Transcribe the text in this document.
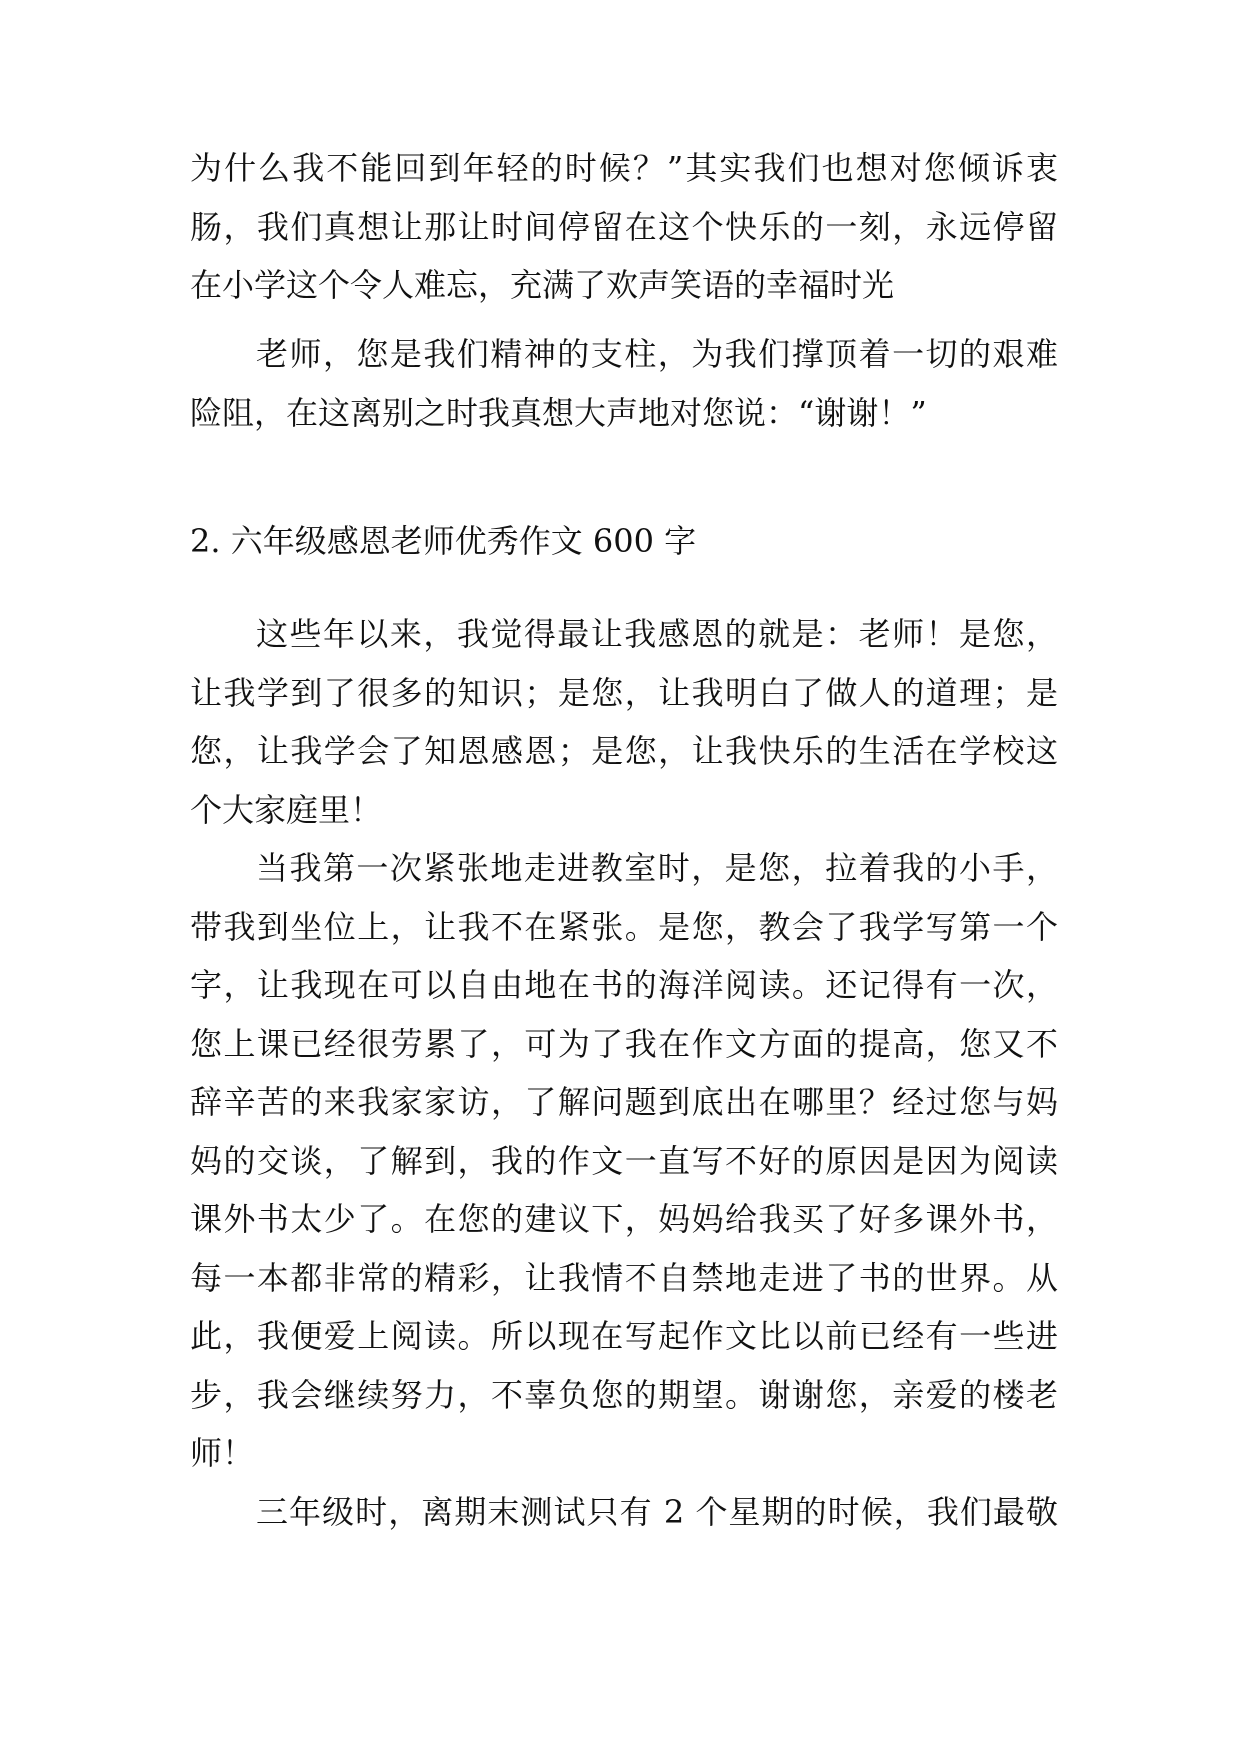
为什么我不能回到年轻的时候？”其实我们也想对您倾诉衷
肠，我们真想让那让时间停留在这个快乐的一刻，永远停留
在小学这个令人难忘，充满了欢声笑语的幸福时光
老师，您是我们精神的支柱，为我们撑顶着一切的艰难
险阻，在这离别之时我真想大声地对您说：“谢谢！”
2. 六年级感恩老师优秀作文 600 字
这些年以来，我觉得最让我感恩的就是：老师！是您，
让我学到了很多的知识；是您，让我明白了做人的道理；是
您，让我学会了知恩感恩；是您，让我快乐的生活在学校这
个大家庭里！
当我第一次紧张地走进教室时，是您，拉着我的小手，
带我到坐位上，让我不在紧张。是您，教会了我学写第一个
字，让我现在可以自由地在书的海洋阅读。还记得有一次，
您上课已经很劳累了，可为了我在作文方面的提高，您又不
辞辛苦的来我家家访，了解问题到底出在哪里？经过您与妈
妈的交谈，了解到，我的作文一直写不好的原因是因为阅读
课外书太少了。在您的建议下，妈妈给我买了好多课外书，
每一本都非常的精彩，让我情不自禁地走进了书的世界。从
此，我便爱上阅读。所以现在写起作文比以前已经有一些进
步，我会继续努力，不辜负您的期望。谢谢您，亲爱的楼老
师！
三年级时，离期末测试只有 2 个星期的时候，我们最敬
